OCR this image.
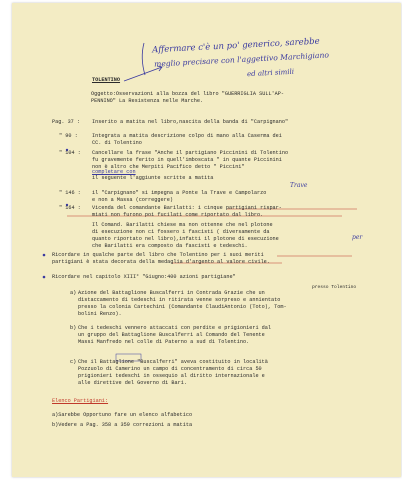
Affermare c'è un po' generico, sarebbe
meglio precisare con l'aggettivo Marchigiano
ed altri simili
TOLENTINO
Oggetto:Osservazioni alla bozza del libro "GUERRIGLIA SULL'AP-
PENNINO" La Resistenza nelle Marche.
Pag. 37 : Inserito a matita nel libro,nascita della banda di "Carpignano"
" 90 :	Integrata a matita descrizione colpo di mano alla Caserma dei
CC. di Tolentino
" 104 : Cancellare la frase "Anche il partigiano Piccinini di Tolentino
fu gravemente ferito in quell'imboscata " in quante Piccinini
non è altro che Merpiti Pacifico detto " Piccini"
completare con
il seguente l'aggiunte scritte a matita
" 146 : il "Carpignano" si impegna a Ponte la Trave e Campolarzo
e non a Massa (correggere)
Trave
" 164 : Vicenda del comandante Barilatti: i cinque partigiani rispar-
miati non furono poi fucilati come riportato dal libro.
Il Comand. Barilatti chiese ma non ottenne che nel plotone
di esecuzione non ci fossero i fascisti ( diversamente da
quanto riportato nel libro),infatti il plotone di esecuzione
che Barilatti era composto da fascisti e tedeschi.
per
Ricordare in qualche parte del libro che Tolentino per i suoi meriti
partigiani è stata decorata della medaglia d'argento al valore civile.
Ricordare nel capitolo XIII° "Giugno:400 azioni partigiane"
a) Azione del Battaglione Buscalferri in Contrada Grazie che un
distaccamento di tedeschi in ritirata venne sorpreso e annientato
presso la colonia Cartechini (Comandante ClaudiAntonio (Toto), Tom-
bolini Renzo).
presso Tolentino
b) Che i tedeschi vennero attaccati con perdite e prigionieri dal
un gruppo del Battaglione Buscalferri al Comando del Tenente
Massi Manfredo nel colle di Paterno a sud di Tolentino.
c) Che il Battaglione "Buscalferri" aveva costituito in località
Pozzuolo di Camerino un campo di concentramento di circa 50
prigionieri tedeschi in ossequio al diritto internazionale e
alle direttive del Governo di Bari.
Elenco Partigiani:
a)Sarebbe Opportuno fare un elenco alfabetico
b)Vedere a Pag. 358 a 359 correzioni a matita
